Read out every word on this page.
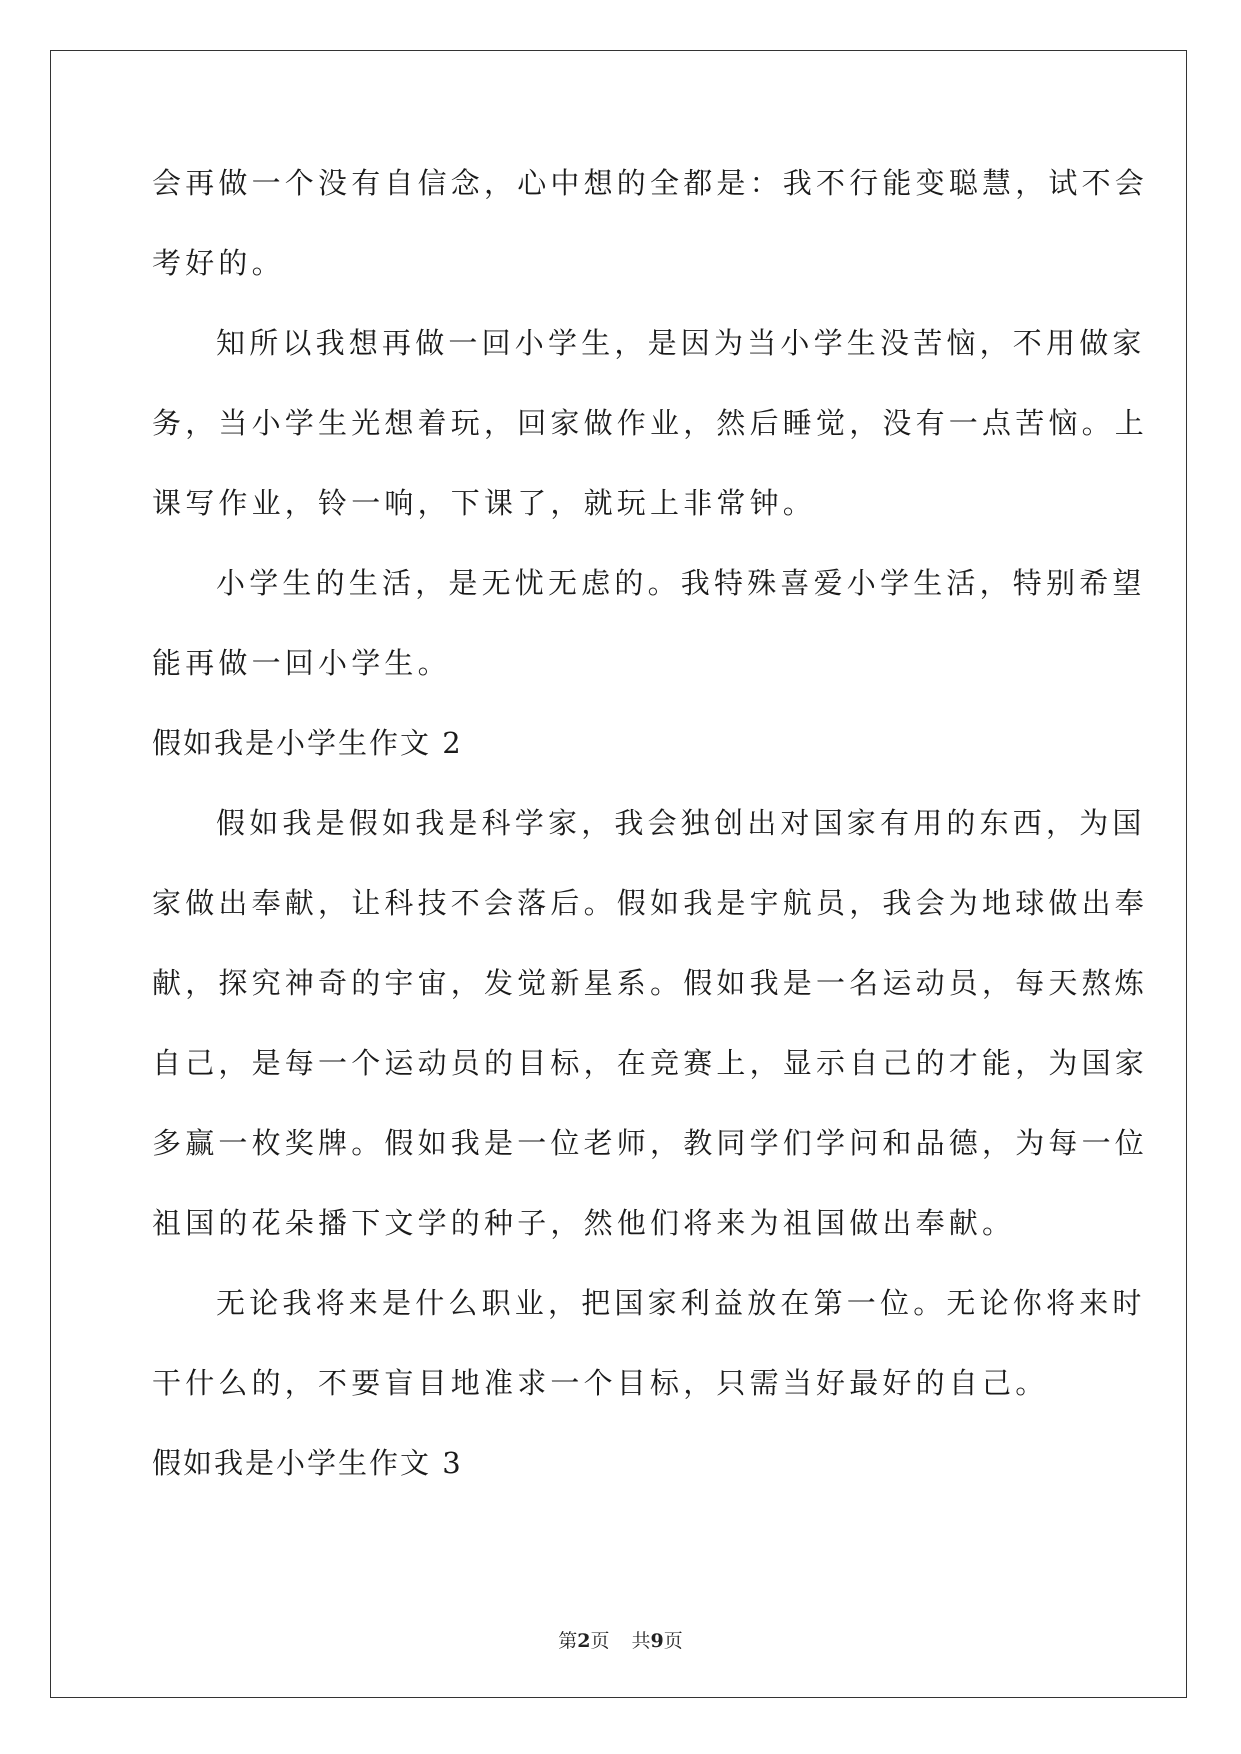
会再做一个没有自信念，心中想的全都是：我不行能变聪慧，试不会
考好的。
知所以我想再做一回小学生，是因为当小学生没苦恼，不用做家
务，当小学生光想着玩，回家做作业，然后睡觉，没有一点苦恼。上
课写作业，铃一响，下课了，就玩上非常钟。
小学生的生活，是无忧无虑的。我特殊喜爱小学生活，特别希望
能再做一回小学生。
假如我是小学生作文 2
假如我是假如我是科学家，我会独创出对国家有用的东西，为国
家做出奉献，让科技不会落后。假如我是宇航员，我会为地球做出奉
献，探究神奇的宇宙，发觉新星系。假如我是一名运动员，每天熬炼
自己，是每一个运动员的目标，在竞赛上，显示自己的才能，为国家
多赢一枚奖牌。假如我是一位老师，教同学们学问和品德，为每一位
祖国的花朵播下文学的种子，然他们将来为祖国做出奉献。
无论我将来是什么职业，把国家利益放在第一位。无论你将来时
干什么的，不要盲目地准求一个目标，只需当好最好的自己。
假如我是小学生作文 3
第2页 共9页
